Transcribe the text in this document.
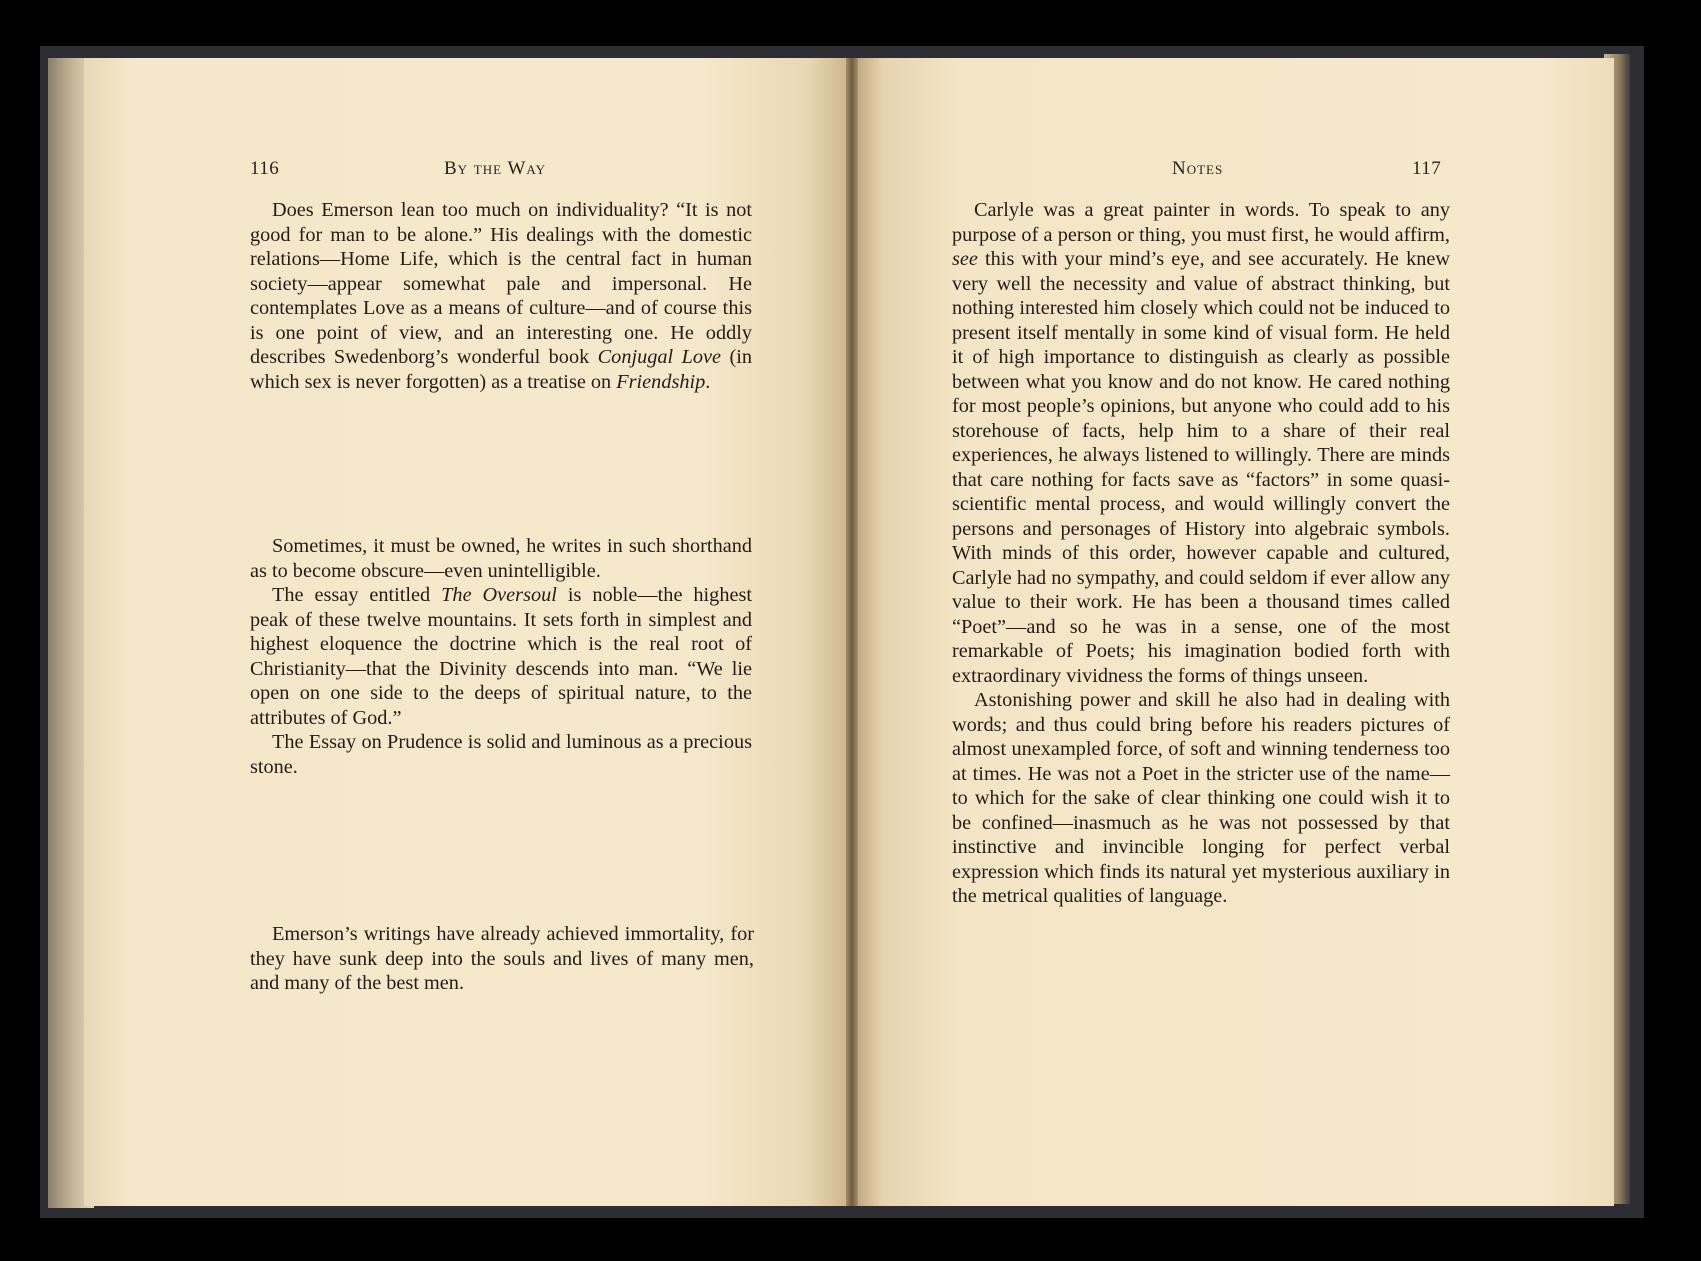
116	By the Way	Notes	117

Does Emerson lean too much on individuality? “It is not good for man to be alone.” His dealings with the domestic relations—Home Life, which is the central fact in human society—appear somewhat pale and impersonal. He contemplates Love as a means of culture—and of course this is one point of view, and an interesting one. He oddly describes Swedenborg’s wonderful book Conjugal Love (in which sex is never forgotten) as a treatise on Friendship.

Sometimes, it must be owned, he writes in such shorthand as to become obscure—even unintelligible.

The essay entitled The Oversoul is noble—the highest peak of these twelve mountains. It sets forth in simplest and highest eloquence the doctrine which is the real root of Christianity—that the Divinity descends into man. “We lie open on one side to the deeps of spiritual nature, to the attributes of God.”

The Essay on Prudence is solid and luminous as a precious stone.

Emerson’s writings have already achieved immortality, for they have sunk deep into the souls and lives of many men, and many of the best men.

Carlyle was a great painter in words. To speak to any purpose of a person or thing, you must first, he would affirm, see this with your mind’s eye, and see accurately. He knew very well the necessity and value of abstract thinking, but nothing interested him closely which could not be induced to present itself mentally in some kind of visual form. He held it of high importance to distinguish as clearly as possible between what you know and do not know. He cared nothing for most people’s opinions, but anyone who could add to his storehouse of facts, help him to a share of their real experiences, he always listened to willingly. There are minds that care nothing for facts save as “factors” in some quasi-scientific mental process, and would willingly convert the persons and personages of History into algebraic symbols. With minds of this order, however capable and cultured, Carlyle had no sympathy, and could seldom if ever allow any value to their work. He has been a thousand times called “Poet”—and so he was in a sense, one of the most remarkable of Poets; his imagination bodied forth with extraordinary vividness the forms of things unseen.

Astonishing power and skill he also had in dealing with words; and thus could bring before his readers pictures of almost unexampled force, of soft and winning tenderness too at times. He was not a Poet in the stricter use of the name—to which for the sake of clear thinking one could wish it to be confined—inasmuch as he was not possessed by that instinctive and invincible longing for perfect verbal expression which finds its natural yet mysterious auxiliary in the metrical qualities of language.
